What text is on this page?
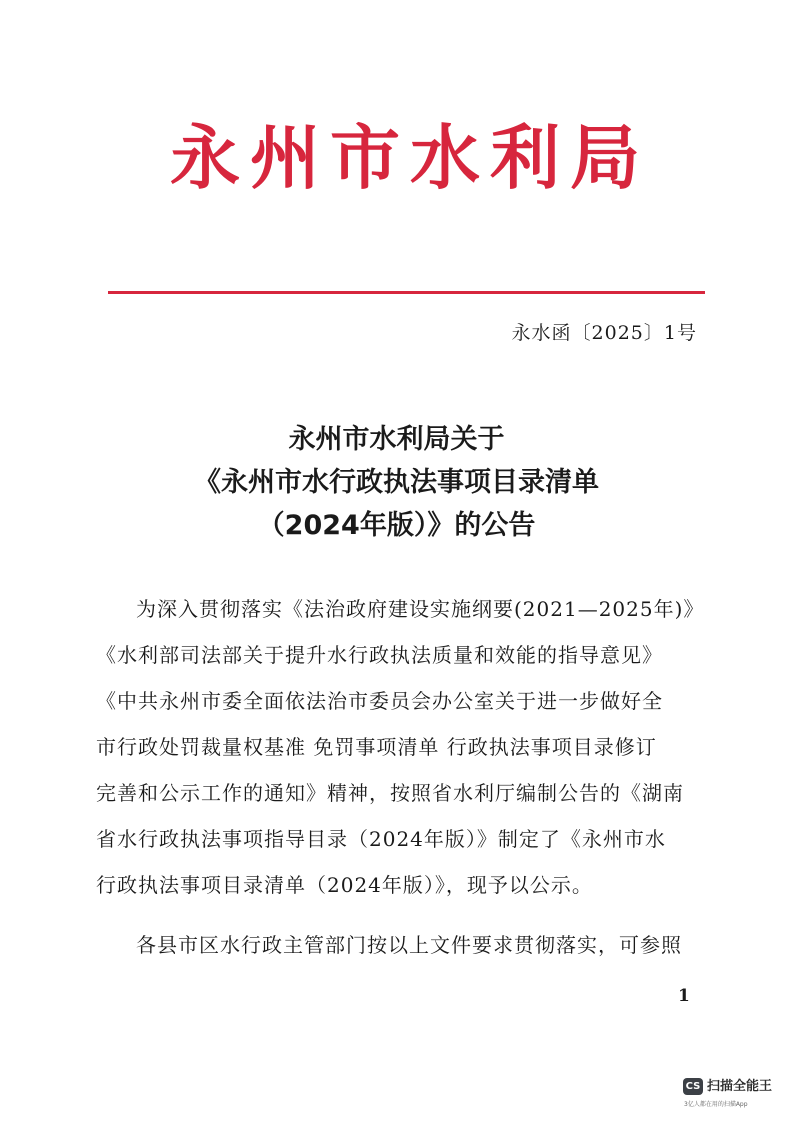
永州市水利局
永水函〔2025〕1号
永州市水利局关于
《永州市水行政执法事项目录清单
（2024年版）》的公告

为深入贯彻落实《法治政府建设实施纲要(2021—2025年)》
《水利部司法部关于提升水行政执法质量和效能的指导意见》
《中共永州市委全面依法治市委员会办公室关于进一步做好全
市行政处罚裁量权基准 免罚事项清单 行政执法事项目录修订
完善和公示工作的通知》精神，按照省水利厅编制公告的《湖南
省水行政执法事项指导目录（2024年版）》制定了《永州市水
行政执法事项目录清单（2024年版）》，现予以公示。

各县市区水行政主管部门按以上文件要求贯彻落实，可参照

1
CS 扫描全能王
3亿人都在用的扫描App
